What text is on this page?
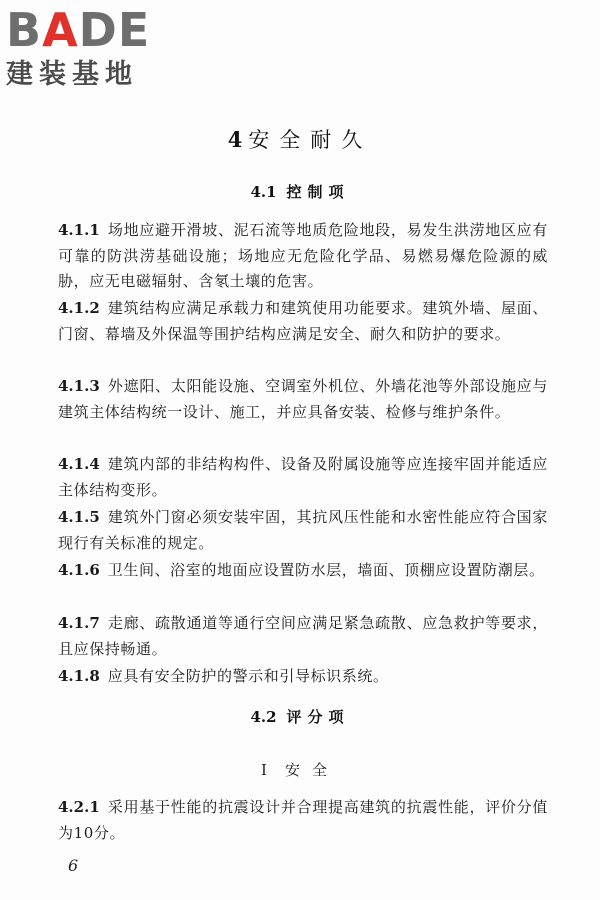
BADE
建装基地
4 安全耐久
4.1 控制项
4.1.1 场地应避开滑坡、泥石流等地质危险地段，易发生洪涝地区应有可靠的防洪涝基础设施；场地应无危险化学品、易燃易爆危险源的威胁，应无电磁辐射、含氡土壤的危害。
4.1.2 建筑结构应满足承载力和建筑使用功能要求。建筑外墙、屋面、门窗、幕墙及外保温等围护结构应满足安全、耐久和防护的要求。
4.1.3 外遮阳、太阳能设施、空调室外机位、外墙花池等外部设施应与建筑主体结构统一设计、施工，并应具备安装、检修与维护条件。
4.1.4 建筑内部的非结构构件、设备及附属设施等应连接牢固并能适应主体结构变形。
4.1.5 建筑外门窗必须安装牢固，其抗风压性能和水密性能应符合国家现行有关标准的规定。
4.1.6 卫生间、浴室的地面应设置防水层，墙面、顶棚应设置防潮层。
4.1.7 走廊、疏散通道等通行空间应满足紧急疏散、应急救护等要求，且应保持畅通。
4.1.8 应具有安全防护的警示和引导标识系统。
4.2 评分项
Ⅰ 安全
4.2.1 采用基于性能的抗震设计并合理提高建筑的抗震性能，评价分值为10分。
6
